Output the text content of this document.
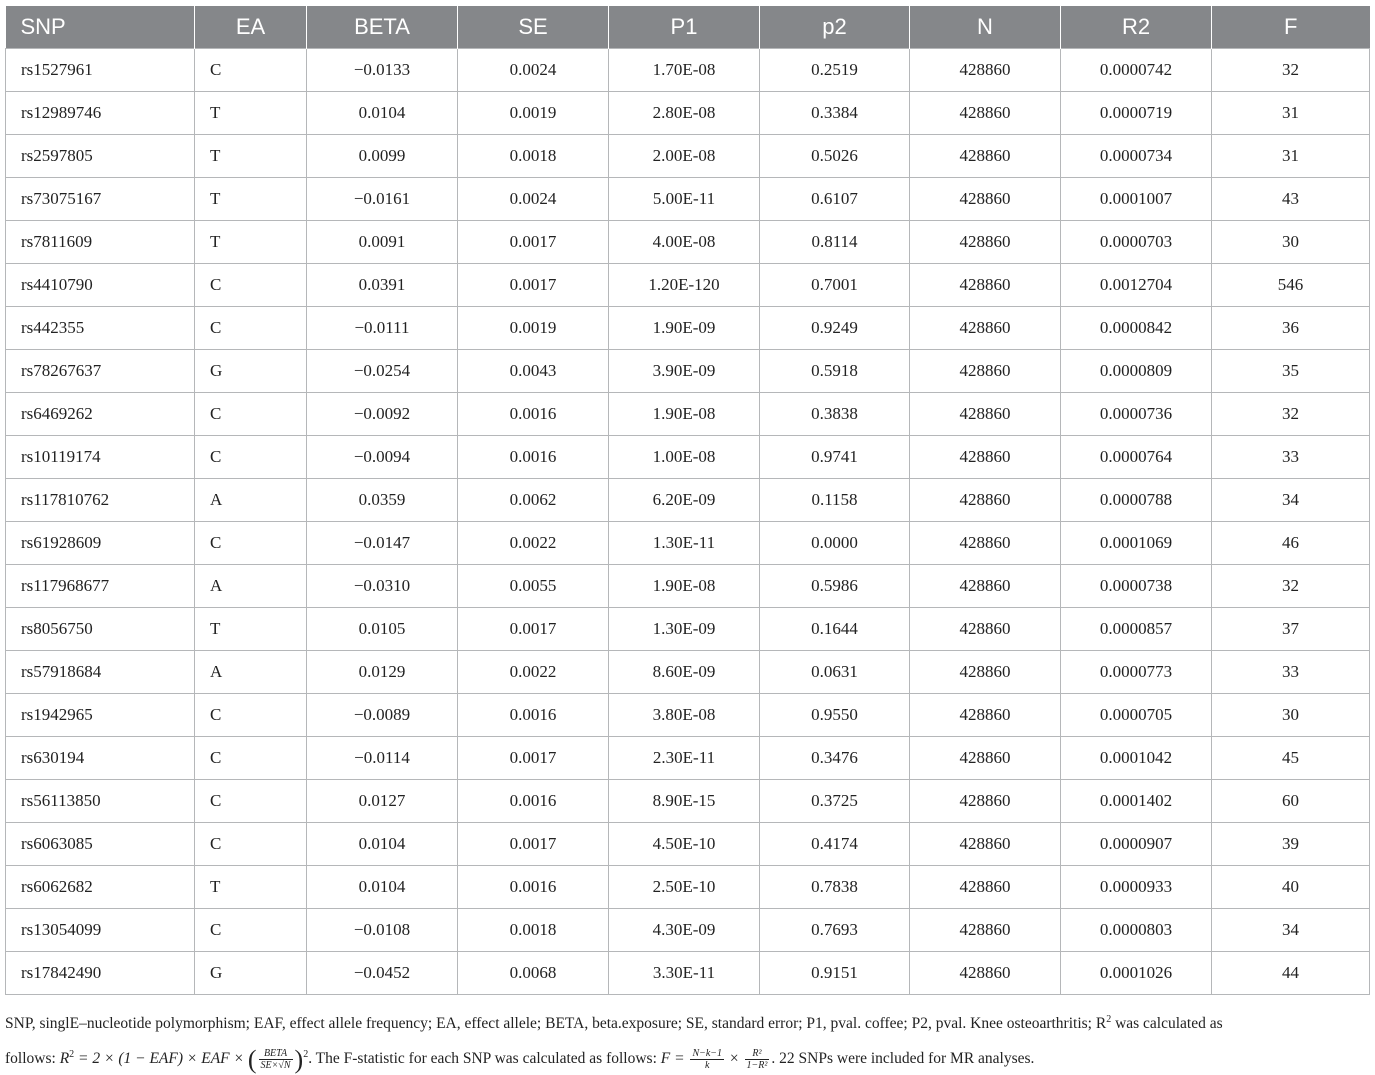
SNP	EA	BETA	SE	P1	p2	N	R2	F
rs1527961	C	−0.0133	0.0024	1.70E-08	0.2519	428860	0.0000742	32
rs12989746	T	0.0104	0.0019	2.80E-08	0.3384	428860	0.0000719	31
rs2597805	T	0.0099	0.0018	2.00E-08	0.5026	428860	0.0000734	31
rs73075167	T	−0.0161	0.0024	5.00E-11	0.6107	428860	0.0001007	43
rs7811609	T	0.0091	0.0017	4.00E-08	0.8114	428860	0.0000703	30
rs4410790	C	0.0391	0.0017	1.20E-120	0.7001	428860	0.0012704	546
rs442355	C	−0.0111	0.0019	1.90E-09	0.9249	428860	0.0000842	36
rs78267637	G	−0.0254	0.0043	3.90E-09	0.5918	428860	0.0000809	35
rs6469262	C	−0.0092	0.0016	1.90E-08	0.3838	428860	0.0000736	32
rs10119174	C	−0.0094	0.0016	1.00E-08	0.9741	428860	0.0000764	33
rs117810762	A	0.0359	0.0062	6.20E-09	0.1158	428860	0.0000788	34
rs61928609	C	−0.0147	0.0022	1.30E-11	0.0000	428860	0.0001069	46
rs117968677	A	−0.0310	0.0055	1.90E-08	0.5986	428860	0.0000738	32
rs8056750	T	0.0105	0.0017	1.30E-09	0.1644	428860	0.0000857	37
rs57918684	A	0.0129	0.0022	8.60E-09	0.0631	428860	0.0000773	33
rs1942965	C	−0.0089	0.0016	3.80E-08	0.9550	428860	0.0000705	30
rs630194	C	−0.0114	0.0017	2.30E-11	0.3476	428860	0.0001042	45
rs56113850	C	0.0127	0.0016	8.90E-15	0.3725	428860	0.0001402	60
rs6063085	C	0.0104	0.0017	4.50E-10	0.4174	428860	0.0000907	39
rs6062682	T	0.0104	0.0016	2.50E-10	0.7838	428860	0.0000933	40
rs13054099	C	−0.0108	0.0018	4.30E-09	0.7693	428860	0.0000803	34
rs17842490	G	−0.0452	0.0068	3.30E-11	0.9151	428860	0.0001026	44
SNP, singlE–nucleotide polymorphism; EAF, effect allele frequency; EA, effect allele; BETA, beta.exposure; SE, standard error; P1, pval. coffee; P2, pval. Knee osteoarthritis; $R^2$ was calculated as
follows: $R^2 = 2 \times (1 - EAF)$ × EAF × ( $\frac{\text{BETA}}{SE\times√N} )^2$. The F-statistic for each SNP was calculated as follows: $F = \frac{N-k-1}{k} \times \frac{\text{R²}}{\text{1−R²}}$ . 22 SNPs were included for MR analyses.
